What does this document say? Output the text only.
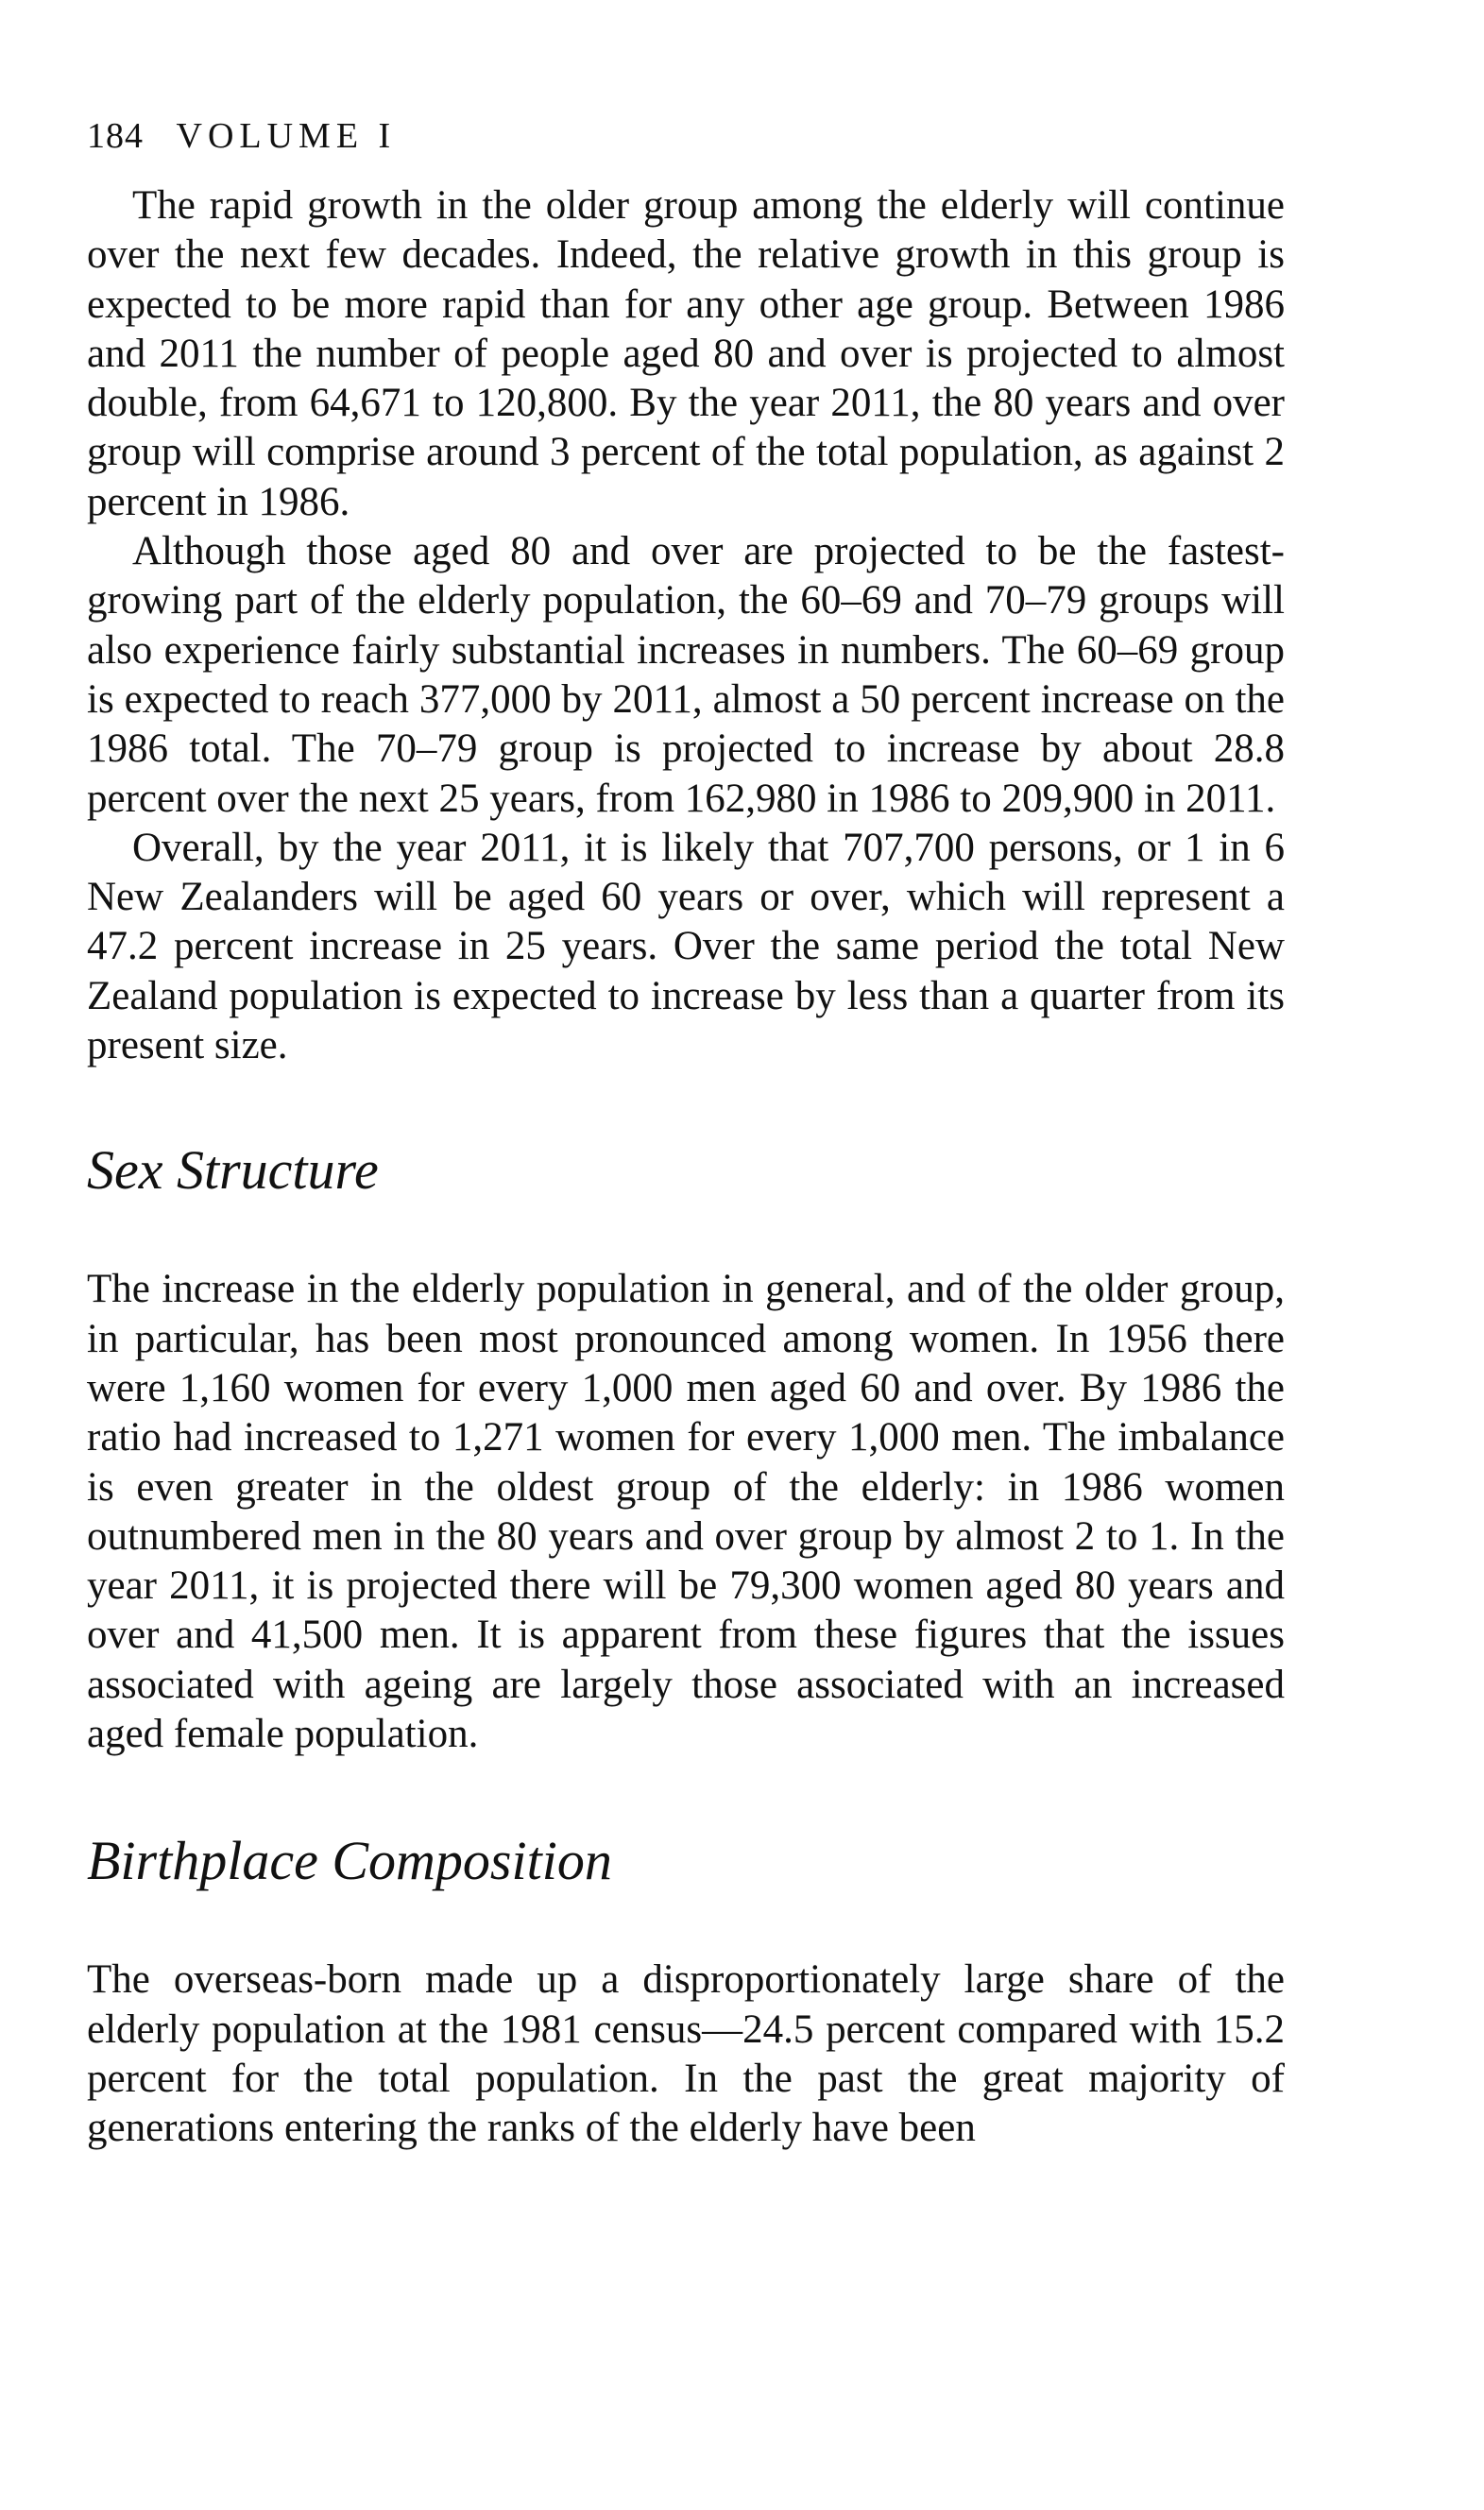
184 VOLUME I

The rapid growth in the older group among the elderly will continue over the next few decades. Indeed, the relative growth in this group is expected to be more rapid than for any other age group. Between 1986 and 2011 the number of people aged 80 and over is projected to almost double, from 64,671 to 120,800. By the year 2011, the 80 years and over group will comprise around 3 percent of the total population, as against 2 percent in 1986.

Although those aged 80 and over are projected to be the fastest-growing part of the elderly population, the 60–69 and 70–79 groups will also experience fairly substantial increases in numbers. The 60–69 group is expected to reach 377,000 by 2011, almost a 50 percent increase on the 1986 total. The 70–79 group is projected to increase by about 28.8 percent over the next 25 years, from 162,980 in 1986 to 209,900 in 2011.

Overall, by the year 2011, it is likely that 707,700 persons, or 1 in 6 New Zealanders will be aged 60 years or over, which will represent a 47.2 percent increase in 25 years. Over the same period the total New Zealand population is expected to increase by less than a quarter from its present size.

Sex Structure

The increase in the elderly population in general, and of the older group, in particular, has been most pronounced among women. In 1956 there were 1,160 women for every 1,000 men aged 60 and over. By 1986 the ratio had increased to 1,271 women for every 1,000 men. The imbalance is even greater in the oldest group of the elderly: in 1986 women outnumbered men in the 80 years and over group by almost 2 to 1. In the year 2011, it is projected there will be 79,300 women aged 80 years and over and 41,500 men. It is apparent from these figures that the issues associated with ageing are largely those associated with an increased aged female population.

Birthplace Composition

The overseas-born made up a disproportionately large share of the elderly population at the 1981 census—24.5 percent compared with 15.2 percent for the total population. In the past the great majority of generations entering the ranks of the elderly have been
